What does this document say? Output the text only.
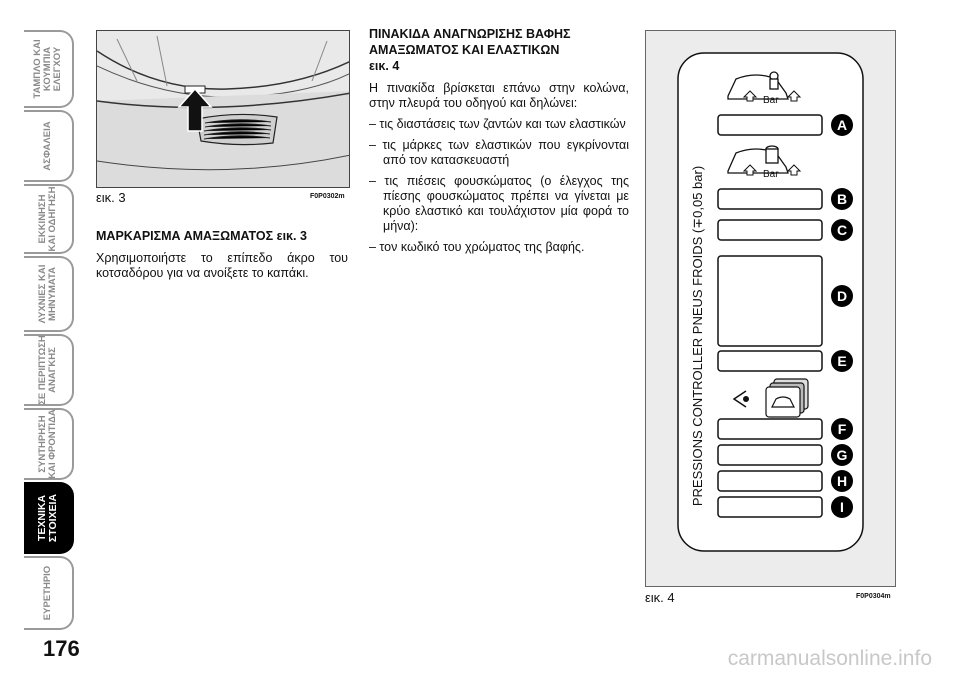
ΤΑΜΠΛΟ ΚΑΙ
ΚΟΥΜΠΙΑ
ΕΛΕΓΧΟΥ
ΑΣΦΑΛΕΙΑ
ΕΚΚΙΝΗΣΗ
ΚΑΙ ΟΔΗΓΗΣΗ
ΛΥΧΝΙΕΣ ΚΑΙ
ΜΗΝΥΜΑΤΑ
ΣΕ ΠΕΡΙΠΤΩΣΗ
ΑΝΑΓΚΗΣ
ΣΥΝΤΗΡΗΣΗ
ΚΑΙ ΦΡΟΝΤΙΔΑ
ΤΕΧΝΙΚΑ
ΣΤΟΙΧΕΙΑ
ΕΥΡΕΤΗΡΙΟ
176
εικ. 3	F0P0302m

ΜΑΡΚΑΡΙΣΜΑ ΑΜΑΞΩΜΑΤΟΣ εικ. 3

Χρησιμοποιήστε το επίπεδο άκρο του κοτσαδόρου για να ανοίξετε το καπάκι.

ΠΙΝΑΚΙΔΑ ΑΝΑΓΝΩΡΙΣΗΣ ΒΑΦΗΣ

ΑΜΑΞΩΜΑΤΟΣ ΚΑΙ ΕΛΑΣΤΙΚΩΝ

εικ. 4

Η πινακίδα βρίσκεται επάνω στην κολώνα, στην πλευρά του οδηγού και δηλώνει:

– τις διαστάσεις των ζαντών και των ελαστικών

– τις μάρκες των ελαστικών που εγκρίνονται από τον κατασκευαστή

– τις πιέσεις φουσκώματος (ο έλεγχος της πίεσης φουσκώματος πρέπει να γίνεται με κρύο ελαστικό και τουλάχιστον μία φορά το μήνα):

– τον κωδικό του χρώματος της βαφής.

Bar
Bar
PRESSIONS CONTROLLER PNEUS FROIDS (∓0,05 bar)
A
B
C
D
E
F
G
H
I
εικ. 4	F0P0304m
carmanualsonline.info
